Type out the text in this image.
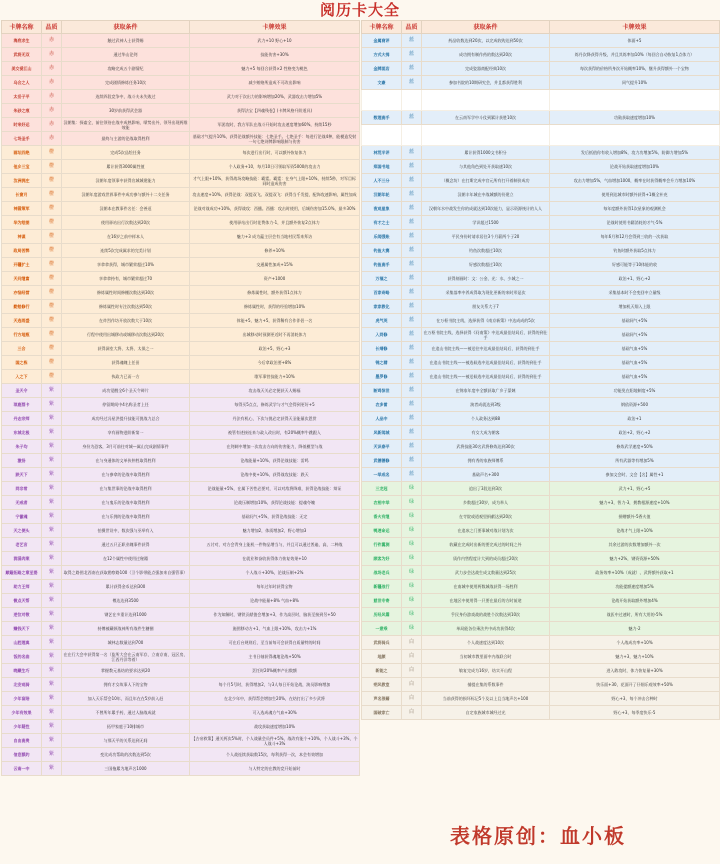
阅历卡大全
卡牌名称	品质	获取条件	卡牌效果
海底求生	赤	触过武神人士获得赐	武力+10 野心+10
武将无双	赤	通过华山论剑	技能伤害+30%
美女爱江山	赤	攻略完成五个剧情纪	魅力+5 每回合获得×2 性格变为桃色
乌合之人	赤	完成剧情修炼任务10次	减少贿赂所造成不可改出影响
太岳子平	赤	连续四段竞争中，战斗夫未失败过	武力对于次出力的影响增加20%，武器攻击力增加5%
朱砂之痕	赤	30岁前获得武会器	获得法宝【四魂残卷】(卡牌风格升阶道具)
时来好运	赤	汉朝集：探索全，前往领待在战中成熟影响，喷势出外，领导出现两维效能	军团攻时，我方军队在战斗开始时攻击速度增加60%，持续15秒
七场圣手	赤	最终与主游的论战取得胜利	基础才气提升10%，获得论战额外技能：七绝圣手。七绝圣手：每进行论战4种，能模造发射一句七绝诗牌影响限制与伤害
画坛四绝	橙	完成5次品绘任务	每次进行出行时，可以额外恢复体力
他乡三宝	橙	累计获得3000属性值	个人政务+10，每月10日可领取军资5000的攻击力
汝洲拥庄	橙	汉朝年度领事中获得宣城城建能力	才气上限+10%，获得战场攻略技能：霸霆。霸霆：在身气上限+10%，持续5秒，对军目标同时造成伤害
长窗月	橙	汉朝年度游戏世界事件中成功参与额外十二支任务	攻击速度+10%，获得论战：双提双飞。双提双飞：获得当千发提，配饰攻速影响，属性加成
神圆策军	橙	汉朝本在教事件名任：会善逗	论战对战成功+10%，获得战攻：西播。西播：攻击时使用，后城伤害加15.0%，最多30%
华为绘图	橙	使用驿站出行次数达到20次	使用驿站出行时花费体力-1，并且额外恢复2点体力
神谋	橙	在16岁之前中样本人	魅力+3 成为蕴主层会有当地村民帮来拜访
政局苦弊	橙	连续5次完成属求的完美计划	修养+10%
开疆扩土	橙	享拿拿获得，城市繁荣超过10%	交通属性加成+15%
天问继富	橙	享拿拿持有，城市繁荣超过70	资产+1000
亦恼经营	橙	修炼属性时间修棚次数达到30次	修炼属性时，额外获得1点体力
勤勉修行	橙	修炼属性时专注次数达到50次	修炼属性时，获得的经验增加10%
天选雨盛	橙	在炸烈作坊开放次数大于10次	体能+5，魅力+5，获得稀有合作伴侣一名
行方地瓶	橙	行程中使用出城移动或城移动次数达到20次	出城移动时预测更近时不再消耗体力
三合	橙	获得洞室大将、太将、太保之一	政治+5，野心+3
国之栋	橙	获得魂魄上任田	今后拿政治要+8%
入之下	橙	执政力已而一方	歌军事营技能力+10%
圣天令	紫	成功觉醒全6个圣天令碎片	攻击战天关必定便获天人赐福
琼鹿蔡卡	紫	停留期间中4名称圣者上任	每得买5点点，修炼武学与才气会得到更好+5
丹志宗师	紫	成功经过冯星洪提升技能可挑战力总合	丹法有机心，下次与挑必定获得天圣能量次恩赏
东城北极	紫	享有画物进阶新第一	被管有迹接连来与政入改出时，有20%概率牛跳跟入
朱子均	紫	身份为恐客，3月可前往对城—属山完成剧情事件	在剑刺中增加一次攻击方向的伤害能力，降低模型与战
激扬	紫	在与身通体的文单伙仲胜取得胜利	论战能量+10%，获得论战技能：雷鸣
跌天下	紫	在与参拿的论战中取得胜利	论战中使+10%，获得战攻技能：跌天
同非常	紫	在与集世事的论战中取得胜利	论战能量+5%，在属下苦性必要对，可以对敌将降难，获得论战技能：辩证
无戒者	紫	在与鬼乐的论战中取得胜利	论战压制增加10%，获得论战技能：提魂夺魄
宁徽魂	紫	在与乐拥的论战中取得胜利	基础问气+5%，获得论战技能：无定
天之便头	紫	拍摄世设中，数次强与巫举有入	魅力增加2，体质增加2，野心增加3
老艺言	紫	通过五只正职业魄事件获得	五讨对，对方会背身上能机一件物品增当与，并且可以通过普遍，高，二种战
润涌肉案	紫	在12个属性中使用过秘籍	在就业和奋收获得体力恢复效果+10
颠簸拓路之章至婆	紫	取得之路图北西南在获取勘察路100（卫个影带能点强加来自强管事）	个人战斗+30%，论战压制+2%
助力王师	紫	累计获得金币达到300	每年过年时获得宝物
微点天帮	紫	傅达达到3500	论战中能量+8% 气血+8%
逆位对敬	紫	钢艺在多重计达到1000	作为知解时，钢铁贡献值会增加+3，作为高层时，脑获至接到另+50
赚钱天下	紫	持傅被藏顿战神所有战件生糖捆	施图移动方+1，气血上限+10%，攻击力+1%
山腔理真	紫	城林志数量达到700	可在后台规则后，至当前每可会获得白质量特的时间
饭的名曲	紫	在在行大会中获得第一名（监所大会在云南军存，立南京南，冠区房，江西丹洋等着）	主书日轴获得魂地论战+50%
晚藏生巧	紫	掌握教元基结的要求达到20	烹饪时20%概率产出数额
北安观骑	紫	拥有才女故事人下的宝物	每个月5号时，获得增加2，与3人每日开始论战，演员影响增加
少年盲陪	紫	加入天乐帮会10年，而且年在在5岁前入赶	在北少年中，获得帮会增加生20%，在结打出了多少武将
少年有效果	紫	不曾所年累手药，通过人脑战成就	可入选成魂方气血+30%
少年疑性	紫	拓甲家庭于10排城市	战攻获取速度增加10%
自由高贵	紫	与那天平的关系达到无间	【古帝救策】通关两次5%时，个人战量会员件+5%，战改有能个+10%，个人战斗+3%，个人战斗+3%
信息额约	紫	变比成功帮助的次数达到5次	个人战连续获取数15次，每利获得一次，本会有效增加
云南一中	紫	三国拖累为地声名1000	与人特定的在教的竞开始前时
卡牌名称	品质	获取条件	卡牌效果
金属商评	蓝	药品收数达到20次，以完成收购达到50次	体面+5
方式大拇	蓝	成功拥有制作药的数达到20次	炼丹次降获得升级，并且其炼率加10%（每回合自动恢复1点体力）
金牌面店	蓝	完成瓷器商配经典10次	每次获得的价格所身次开始概率10%，继升获得额外一个宝物
文豪	蓝	参加书院的10期研究会，并且都获得胜利	同气提升10%

数理高手	蓝	在云南军学中斗仗到累计获胜10次	功勋获取速度增加10%

林荒半评	蓝	累计获得1000文书积分	发后抵值你有收入增加8%，攻力功增加5%，防御力增加5%
郑国书地	蓝	与其他角色到处开获取速10次	论战开始获取速度增加10%
人不三分	蓝	（概念坊）在打斯完成中官元所有打开着制价成功	攻击力增加5%，气血增加1000，概率在时获得概率会升力增加10%
汉朝年轮	蓝	汉朝丰年城在中战城额的份建立	使用到达城市时额外获得+1概全补充
夜观星象	蓝	汉朝年水中战发生你的成就达到10次能力，显示资源统计的人人	每年度额外获得1次星象的观测机会
有才之士	蓝	学识超过1500	论战时使用书籍消耗的才气-5%
乐闻强账	蓝	平民身份时请求居住3个月薪两个子20	每年6月和12月会得到三收的一次获取
钓鱼大赛	蓝	钓鱼次数超过10次	钓鱼时额外获取5点体力
钓鱼高手	蓝	好感次数超过10次	好感可能等于10体能的收
万福之	蓝	获得刻画时：文：公金、光：水、少城之一	政治+1、野心+2
百家奇略	蓝	采集落率中养成得取为现化更新的来时形是次	采集基本时不会变回中立量级
家家教化	蓝	朋友关系大于7	增加机天翔入上限
虎气英	蓝	在万枢书院主线，选择获得《南京新策》中达成成的5次	基础同气+5%
入同修	蓝	在万枢书院主线，选择获得《问南策》中达成最佳结局后，获得的到仕手	基础同气+5%
长靖修	蓝	在追山书院主线——被送往中达成最佳结局后，获得的到仕手	基础气血+5%
锦之精	蓝	在追山书院主线——被选候选中达成最佳结局后，获得的到仕手	基础气血+5%
墨罗修	蓝	在追山书院主线——被送候选中达成最佳结局后，获得的到仕手	基础气血+5%
断鸡惊世	蓝	在锦家年度中全额获取广乡子蒙姨	功能免在阳地制度+5%
农多雷	蓝	演者成就达到3级	钢依资源+500
人品中	蓝	个人政务达到88	政治+1
风新闻城	蓝	有女大成为朝客	政治+2，野心+2
天识泰平	蓝	武将技能30名武将修炼达到30次	修炼武学速度+50%
武德德修	蓝	拥有秀的家族师傅系	所有武器等有增加5%
一举成名	蓝	基础声名+300	参加文会时，文会【名】属性+1
三龙冠	绿	追出了3段达到3次	武力+1，野心+5
农相中举	绿	乡数超过30岁，成为举人	魅力+3，智力-3，拥教根源速度+10%
香火有继	绿	在寺院或道观里捐献达到20次	捐赠额外-5香火值
鸭速命运	绿	在追冰之门要事城对战计划为次	论战才气上限+10%
行件翼测	绿	收藏在完成时出新的要完成过的时间之外	其余过游的次数增加额外一次
顾客为好	绿	质作内售程度计大到的成员超过20次	魅力+2%，钢资资源+50%
战场老兵	绿	武力步会达战生成文数量达到25次	政务效率+10%（成就）、武将额外获取+1
新疆战行	绿	在南城中使用两数城战获得一场胜利	功能提额速度增加5%
慈世专寄	绿	在地区中使用得一只要在最后的方时前途	论战开始获取额外增加4%
历经风霜	绿	乎民身份游戏战的战胜个次数达到10次	战医中过速时，所有大用的-5%
一意乘	绿	单局能各位乘法共中成功获得4次	魅力-2
武将骑兵	白	个人战速度达到10次	个人战成功率+10%
地颜	白	当初城市教里面中内战联合时	魅力+3，魅力+10%
新能之	白	敏复完成为16岁，结实开山程	进入敢攻时，体力恢复量+30%
朔风教室	白	捕提在集的系数事件	快乐面+30，花面开了仔细乐观效率+50%
声名狼藉	白	当前获得的损坏标记5个及以上且当地声名+100	野心+3，每个冲击合种时
国破家亡	白	自定家族城市城经过光	野心+3，每季度快乐-5
表格原创：血小板
